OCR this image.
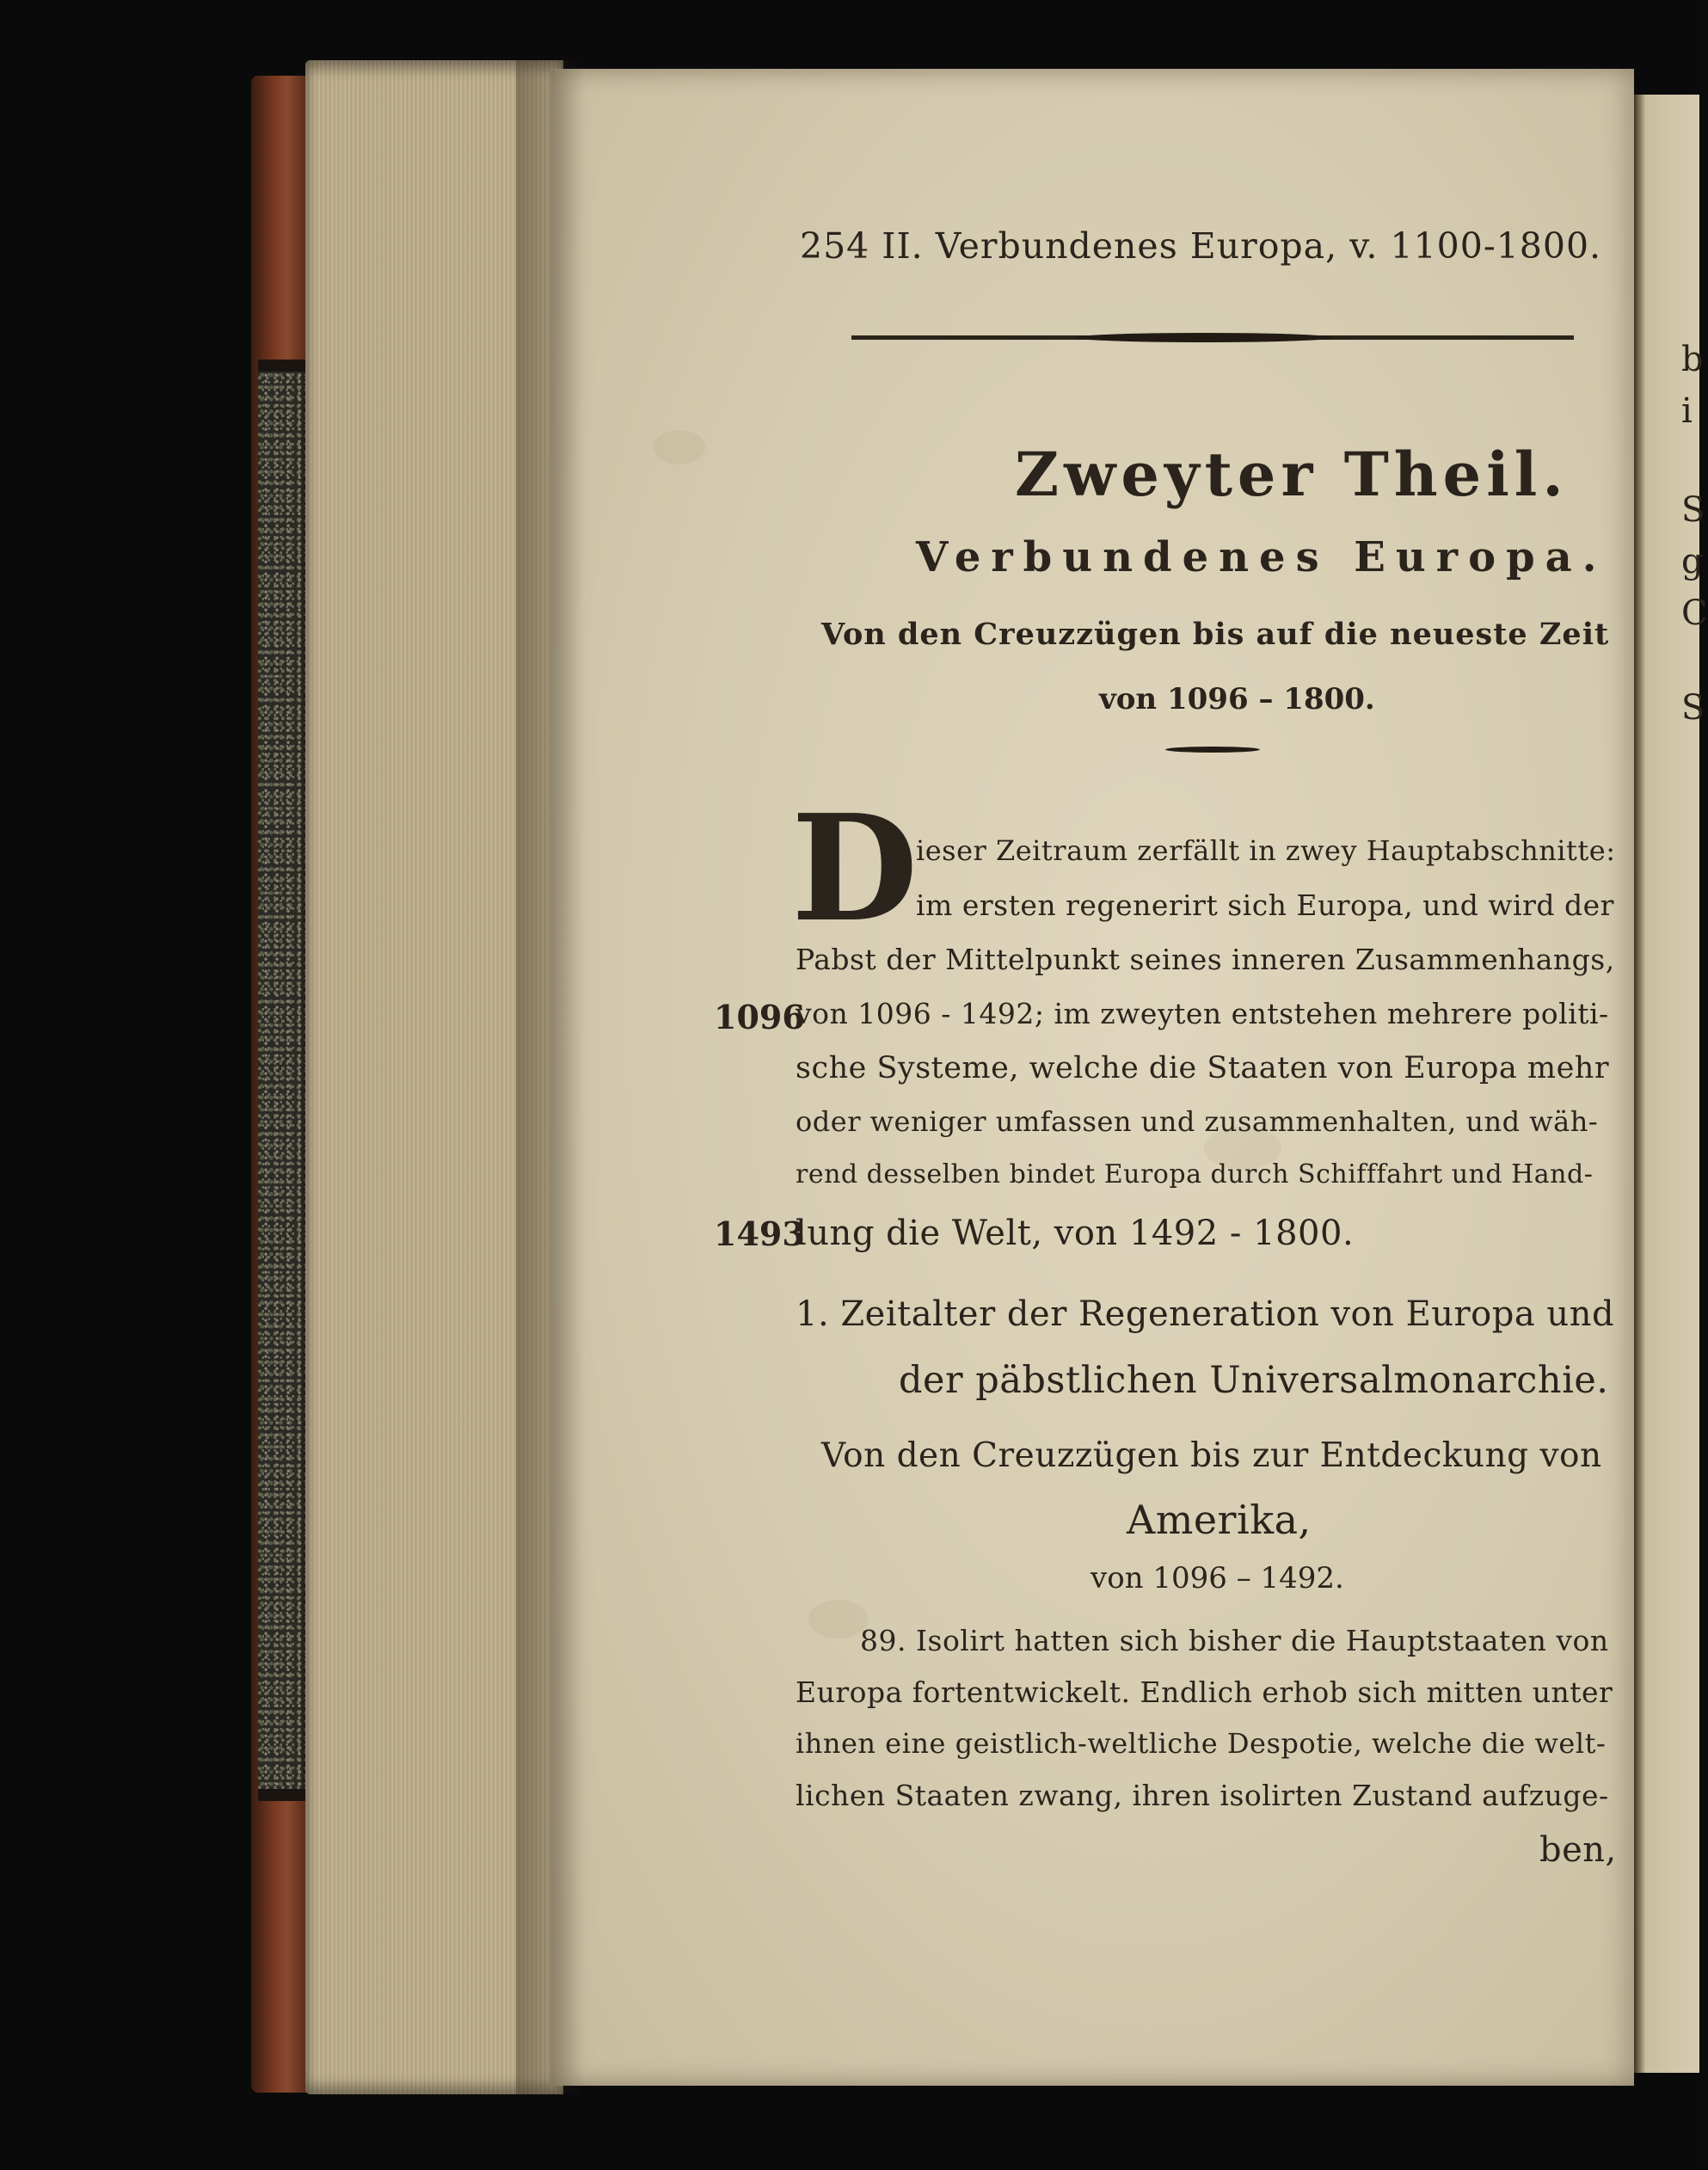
b
i
S
g
C
S
254 II. Verbundenes Europa, v. 1100-1800.
Zweyter Theil.
Verbundenes Europa.
Von den Creuzzügen bis auf die neueste Zeit
von 1096 – 1800.
D
ieser Zeitraum zerfällt in zwey Hauptabschnitte:
im ersten regenerirt sich Europa, und wird der
Pabst der Mittelpunkt seines inneren Zusammenhangs,
von 1096 - 1492; im zweyten entstehen mehrere politi-
sche Systeme, welche die Staaten von Europa mehr
oder weniger umfassen und zusammenhalten, und wäh-
rend desselben bindet Europa durch Schifffahrt und Hand-
lung die Welt, von 1492 - 1800.
1096
1493
1. Zeitalter der Regeneration von Europa und
der päbstlichen Universalmonarchie.
Von den Creuzzügen bis zur Entdeckung von
Amerika,
von 1096 – 1492.
89. Isolirt hatten sich bisher die Hauptstaaten von
Europa fortentwickelt. Endlich erhob sich mitten unter
ihnen eine geistlich-weltliche Despotie, welche die welt-
lichen Staaten zwang, ihren isolirten Zustand aufzuge-
ben,
